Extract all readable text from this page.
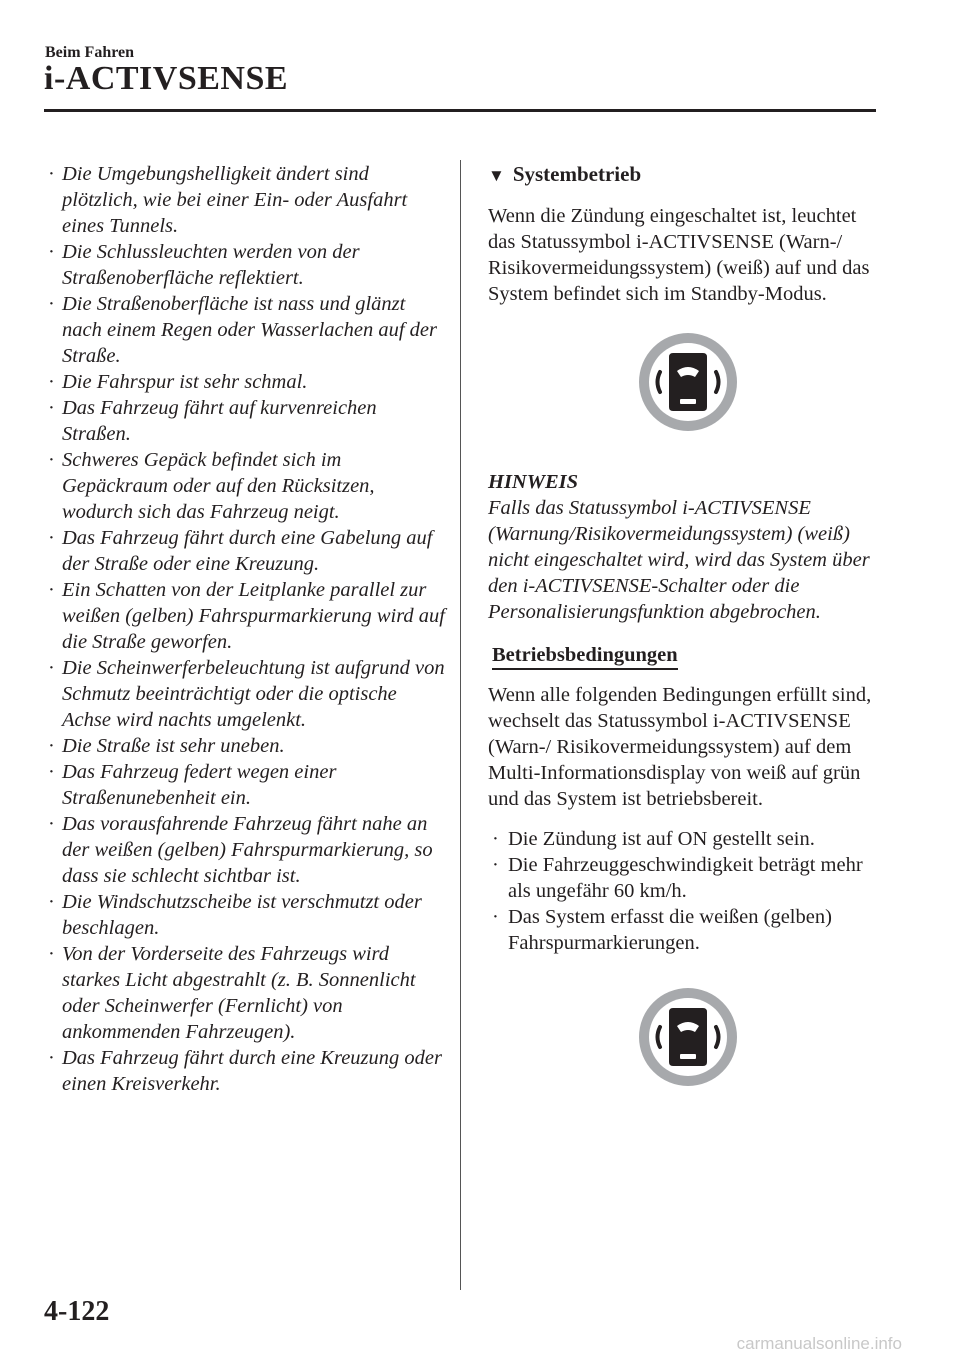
Beim Fahren
i-ACTIVSENSE

· Die Umgebungshelligkeit ändert sind plötzlich, wie bei einer Ein- oder Ausfahrt eines Tunnels.

· Die Schlussleuchten werden von der Straßenoberfläche reflektiert.

· Die Straßenoberfläche ist nass und glänzt nach einem Regen oder Wasserlachen auf der Straße.

· Die Fahrspur ist sehr schmal.

· Das Fahrzeug fährt auf kurvenreichen Straßen.

· Schweres Gepäck befindet sich im Gepäckraum oder auf den Rücksitzen, wodurch sich das Fahrzeug neigt.

· Das Fahrzeug fährt durch eine Gabelung auf der Straße oder eine Kreuzung.

· Ein Schatten von der Leitplanke parallel zur weißen (gelben) Fahrspurmarkierung wird auf die Straße geworfen.

· Die Scheinwerferbeleuchtung ist aufgrund von Schmutz beeinträchtigt oder die optische Achse wird nachts umgelenkt.

· Die Straße ist sehr uneben.

· Das Fahrzeug federt wegen einer Straßenunebenheit ein.

· Das vorausfahrende Fahrzeug fährt nahe an der weißen (gelben) Fahrspurmarkierung, so dass sie schlecht sichtbar ist.

· Die Windschutzscheibe ist verschmutzt oder beschlagen.

· Von der Vorderseite des Fahrzeugs wird starkes Licht abgestrahlt (z. B. Sonnenlicht oder Scheinwerfer (Fernlicht) von ankommenden Fahrzeugen).

· Das Fahrzeug fährt durch eine Kreuzung oder einen Kreisverkehr.

▼ Systembetrieb

Wenn die Zündung eingeschaltet ist, leuchtet das Statussymbol i-ACTIVSENSE (Warn-/ Risikovermeidungssystem) (weiß) auf und das System befindet sich im Standby-Modus.

HINWEIS

Falls das Statussymbol i-ACTIVSENSE (Warnung/Risikovermeidungssystem) (weiß) nicht eingeschaltet wird, wird das System über den i-ACTIVSENSE-Schalter oder die Personalisierungsfunktion abgebrochen.

Betriebsbedingungen

Wenn alle folgenden Bedingungen erfüllt sind, wechselt das Statussymbol i-ACTIVSENSE (Warn-/ Risikovermeidungssystem) auf dem Multi-Informationsdisplay von weiß auf grün und das System ist betriebsbereit.

· Die Zündung ist auf ON gestellt sein.

· Die Fahrzeuggeschwindigkeit beträgt mehr als ungefähr 60 km/h.

· Das System erfasst die weißen (gelben) Fahrspurmarkierungen.

4-122
carmanualsonline.info
